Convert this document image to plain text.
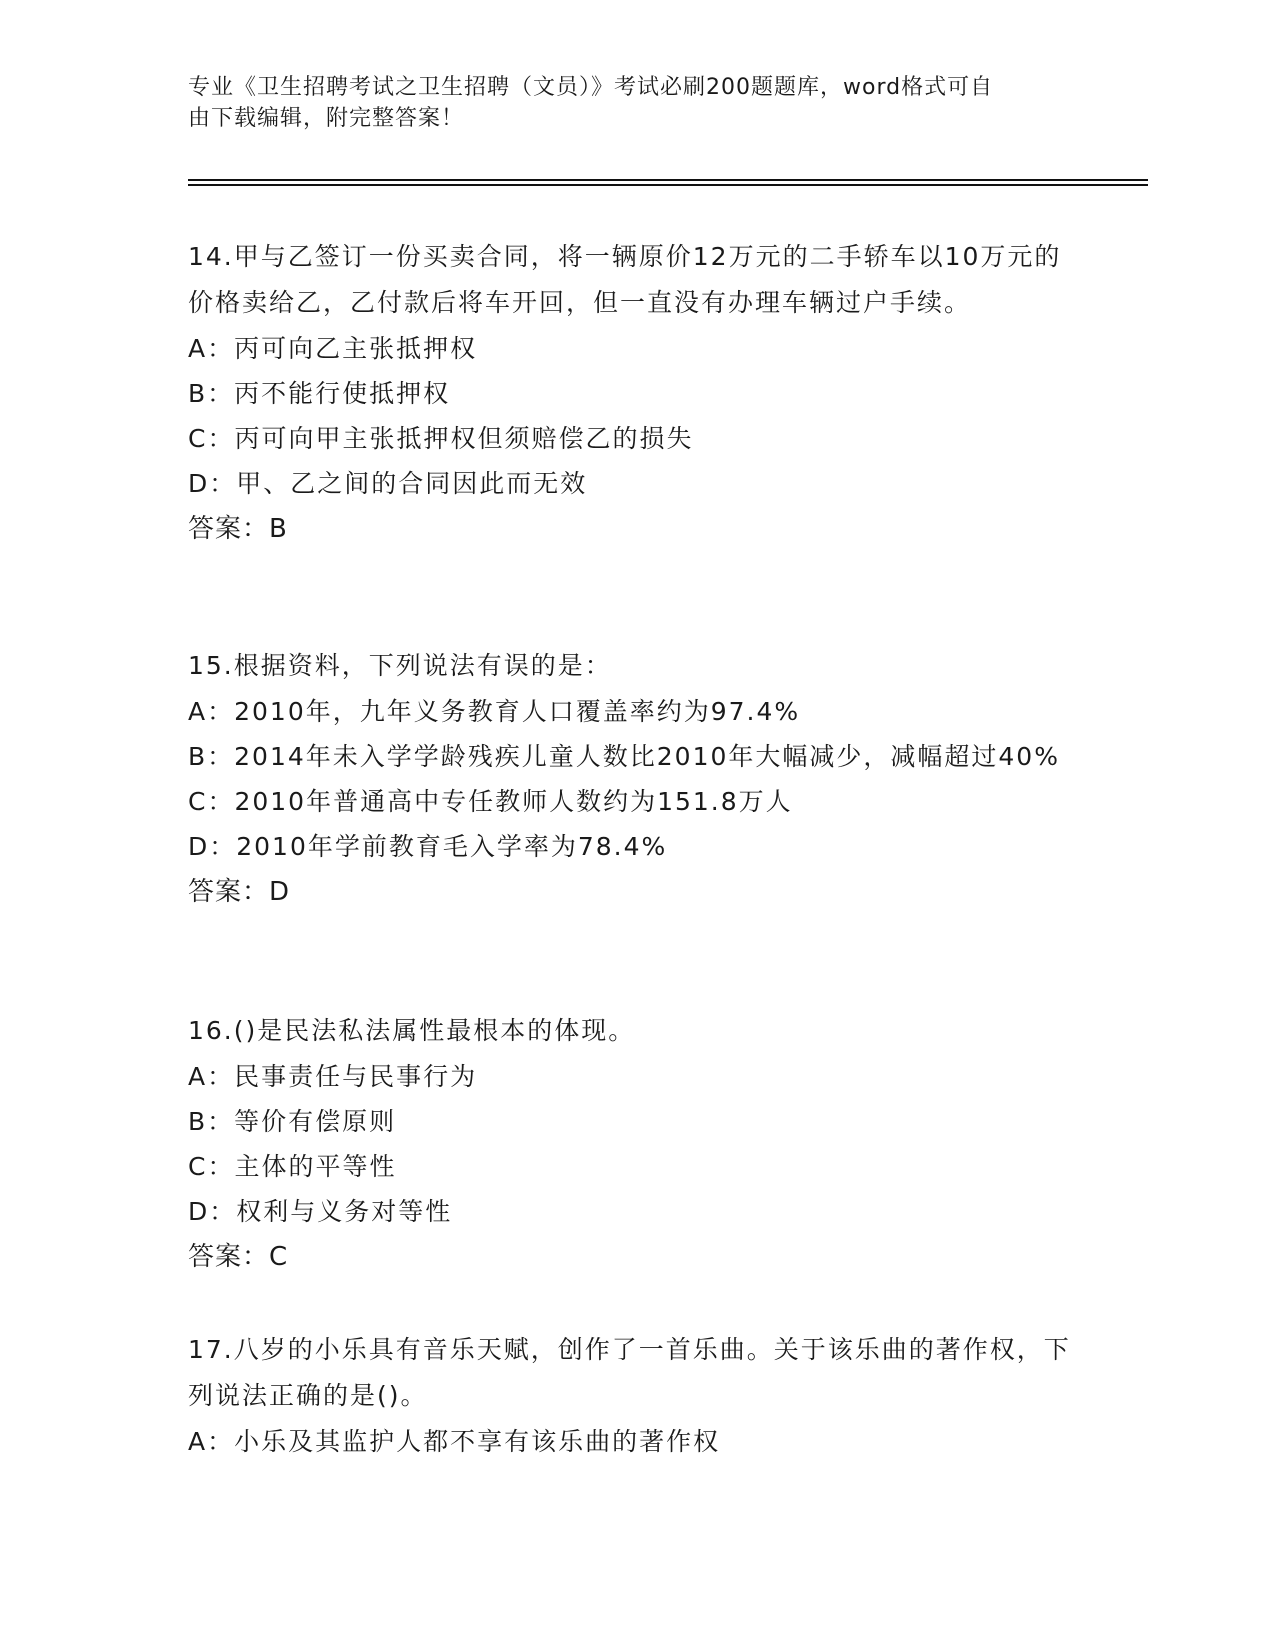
专业《卫生招聘考试之卫生招聘（文员）》考试必刷200题题库，word格式可自
由下载编辑，附完整答案！

14.甲与乙签订一份买卖合同，将一辆原价12万元的二手轿车以10万元的价格卖给乙，乙付款后将车开回，但一直没有办理车辆过户手续。

A：丙可向乙主张抵押权

B：丙不能行使抵押权

C：丙可向甲主张抵押权但须赔偿乙的损失

D：甲、乙之间的合同因此而无效

答案：B

15.根据资料，下列说法有误的是：

A：2010年，九年义务教育人口覆盖率约为97.4%

B：2014年未入学学龄残疾儿童人数比2010年大幅减少，减幅超过40%

C：2010年普通高中专任教师人数约为151.8万人

D：2010年学前教育毛入学率为78.4%

答案：D

16.()是民法私法属性最根本的体现。

A：民事责任与民事行为

B：等价有偿原则

C：主体的平等性

D：权利与义务对等性

答案：C

17.八岁的小乐具有音乐天赋，创作了一首乐曲。关于该乐曲的著作权，下列说法正确的是()。

A：小乐及其监护人都不享有该乐曲的著作权
